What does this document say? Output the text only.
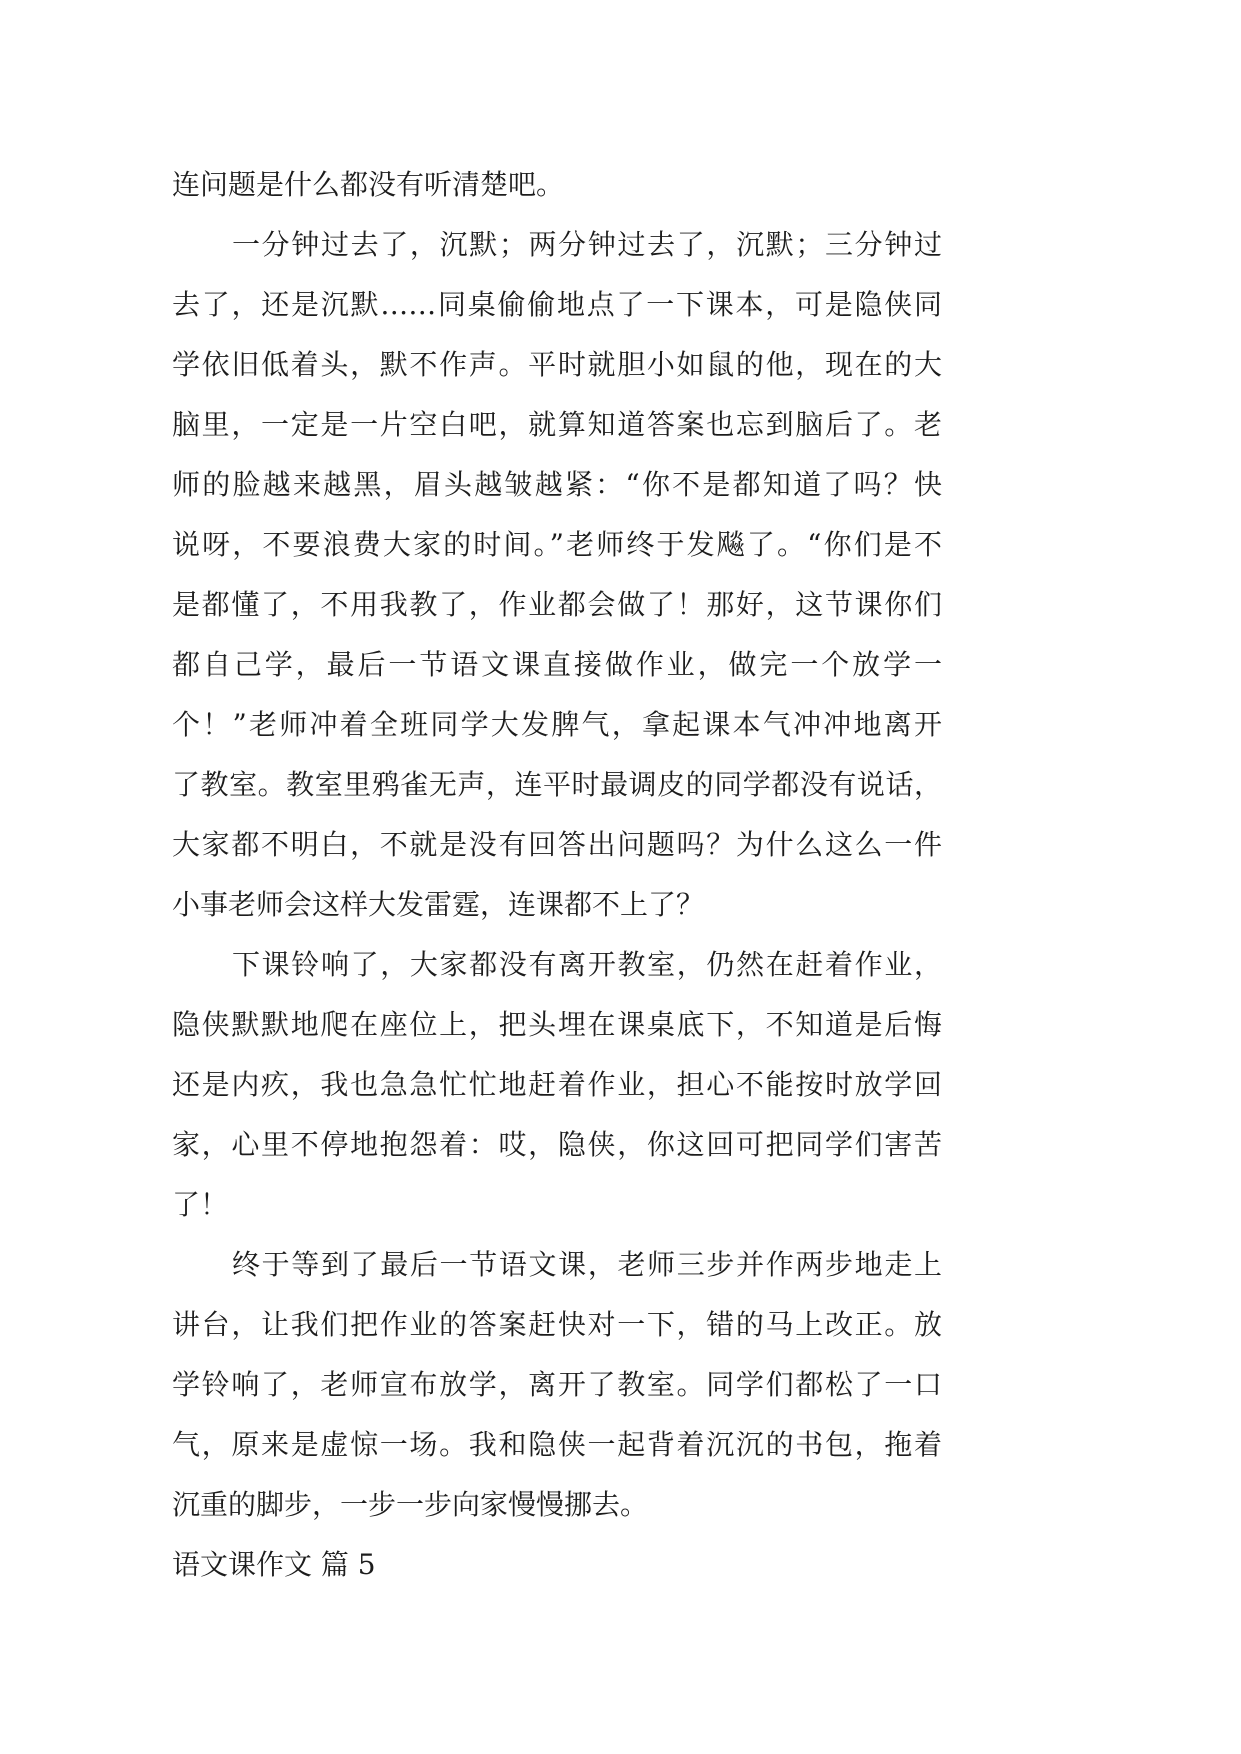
连问题是什么都没有听清楚吧。
一分钟过去了，沉默；两分钟过去了，沉默；三分钟过
去了，还是沉默……同桌偷偷地点了一下课本，可是隐侠同
学依旧低着头，默不作声。平时就胆小如鼠的他，现在的大
脑里，一定是一片空白吧，就算知道答案也忘到脑后了。老
师的脸越来越黑，眉头越皱越紧：“你不是都知道了吗？快
说呀，不要浪费大家的时间。”老师终于发飚了。“你们是不
是都懂了，不用我教了，作业都会做了！那好，这节课你们
都自己学，最后一节语文课直接做作业，做完一个放学一
个！”老师冲着全班同学大发脾气，拿起课本气冲冲地离开
了教室。教室里鸦雀无声，连平时最调皮的同学都没有说话，
大家都不明白，不就是没有回答出问题吗？为什么这么一件
小事老师会这样大发雷霆，连课都不上了？
下课铃响了，大家都没有离开教室，仍然在赶着作业，
隐侠默默地爬在座位上，把头埋在课桌底下，不知道是后悔
还是内疚，我也急急忙忙地赶着作业，担心不能按时放学回
家，心里不停地抱怨着：哎，隐侠，你这回可把同学们害苦
了！
终于等到了最后一节语文课，老师三步并作两步地走上
讲台，让我们把作业的答案赶快对一下，错的马上改正。放
学铃响了，老师宣布放学，离开了教室。同学们都松了一口
气，原来是虚惊一场。我和隐侠一起背着沉沉的书包，拖着
沉重的脚步，一步一步向家慢慢挪去。
语文课作文 篇 5
